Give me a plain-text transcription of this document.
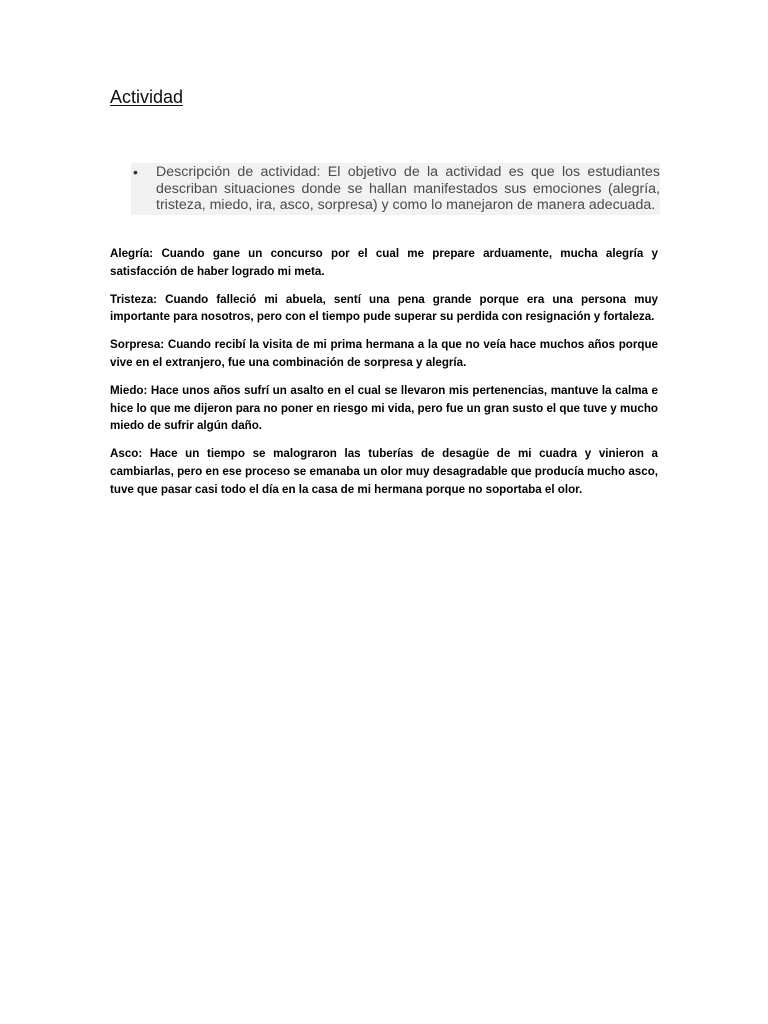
Actividad
• Descripción de actividad: El objetivo de la actividad es que los estudiantes describan situaciones donde se hallan manifestados sus emociones (alegría, tristeza, miedo, ira, asco, sorpresa) y como lo manejaron de manera adecuada.

Alegría: Cuando gane un concurso por el cual me prepare arduamente, mucha alegría y satisfacción de haber logrado mi meta.

Tristeza: Cuando falleció mi abuela, sentí una pena grande porque era una persona muy importante para nosotros, pero con el tiempo pude superar su perdida con resignación y fortaleza.

Sorpresa: Cuando recibí la visita de mi prima hermana a la que no veía hace muchos años porque vive en el extranjero, fue una combinación de sorpresa y alegría.

Miedo: Hace unos años sufrí un asalto en el cual se llevaron mis pertenencias, mantuve la calma e hice lo que me dijeron para no poner en riesgo mi vida, pero fue un gran susto el que tuve y mucho miedo de sufrir algún daño.

Asco: Hace un tiempo se malograron las tuberías de desagüe de mi cuadra y vinieron a cambiarlas, pero en ese proceso se emanaba un olor muy desagradable que producía mucho asco, tuve que pasar casi todo el día en la casa de mi hermana porque no soportaba el olor.
